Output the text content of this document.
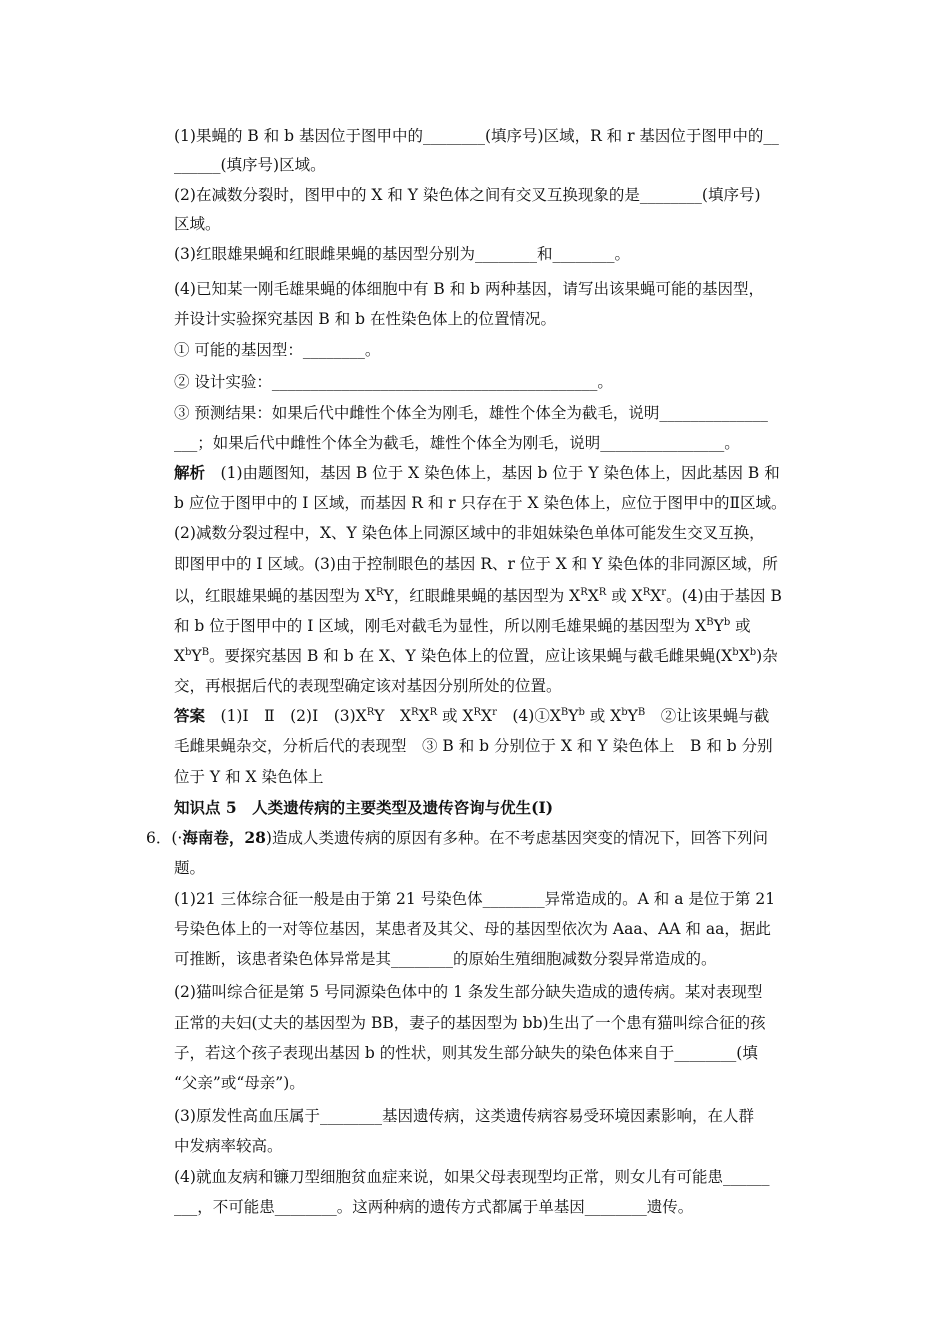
(1)果蝇的 B 和 b 基因位于图甲中的________(填序号)区域，R 和 r 基因位于图甲中的__
______(填序号)区域。
(2)在减数分裂时，图甲中的 X 和 Y 染色体之间有交叉互换现象的是________(填序号)
区域。
(3)红眼雄果蝇和红眼雌果蝇的基因型分别为________和________。
(4)已知某一刚毛雄果蝇的体细胞中有 B 和 b 两种基因，请写出该果蝇可能的基因型，
并设计实验探究基因 B 和 b 在性染色体上的位置情况。
① 可能的基因型：________。
② 设计实验：__________________________________________。
③ 预测结果：如果后代中雌性个体全为刚毛，雄性个体全为截毛，说明______________
___；如果后代中雌性个体全为截毛，雄性个体全为刚毛，说明________________。
解析　 (1)由题图知，基因 B 位于 X 染色体上，基因 b 位于 Y 染色体上，因此基因 B 和
b 应位于图甲中的 Ⅰ 区域，而基因 R 和 r 只存在于 X 染色体上，应位于图甲中的Ⅱ区域。
(2)减数分裂过程中，X、Y 染色体上同源区域中的非姐妹染色单体可能发生交叉互换，
即图甲中的 Ⅰ 区域。(3)由于控制眼色的基因 R、r 位于 X 和 Y 染色体的非同源区域，所
以，红眼雄果蝇的基因型为 $X^RY$，红眼雌果蝇的基因型为 $X^RX^R$ 或 $X^RX^r$。(4)由于基因 B
和 b 位于图甲中的 Ⅰ 区域，刚毛对截毛为显性，所以刚毛雄果蝇的基因型为 $X^BY^b$ 或
$X^bY^B$。要探究基因 B 和 b 在 X、Y 染色体上的位置，应让该果蝇与截毛雌果蝇$(X^bX^b)$杂
交，再根据后代的表现型确定该对基因分别所处的位置。
答案　(1)Ⅰ　Ⅱ　(2)Ⅰ　$(3)X^RY$　$X^RX^R$ 或 $X^RX^r$　$(4)①X^BY^b$ 或 $X^bY^B$　②让该果蝇与截
毛雌果蝇杂交，分析后代的表现型　③ B 和 b 分别位于 X 和 Y 染色体上　B 和 b 分别
位于 Y 和 X 染色体上
知识点 5　人类遗传病的主要类型及遗传咨询与优生(Ⅰ)
6．(·海南卷，28)造成人类遗传病的原因有多种。在不考虑基因突变的情况下，回答下列问
题。
(1)21 三体综合征一般是由于第 21 号染色体________异常造成的。A 和 a 是位于第 21
号染色体上的一对等位基因，某患者及其父、母的基因型依次为 Aaa、AA 和 aa，据此
可推断，该患者染色体异常是其________的原始生殖细胞减数分裂异常造成的。
(2)猫叫综合征是第 5 号同源染色体中的 1 条发生部分缺失造成的遗传病。某对表现型
正常的夫妇(丈夫的基因型为 BB，妻子的基因型为 bb)生出了一个患有猫叫综合征的孩
子，若这个孩子表现出基因 b 的性状，则其发生部分缺失的染色体来自于________(填
“父亲”或“母亲”)。
(3)原发性高血压属于________基因遗传病，这类遗传病容易受环境因素影响，在人群
中发病率较高。
(4)就血友病和镰刀型细胞贫血症来说，如果父母表现型均正常，则女儿有可能患______
___，不可能患________。这两种病的遗传方式都属于单基因________遗传。
